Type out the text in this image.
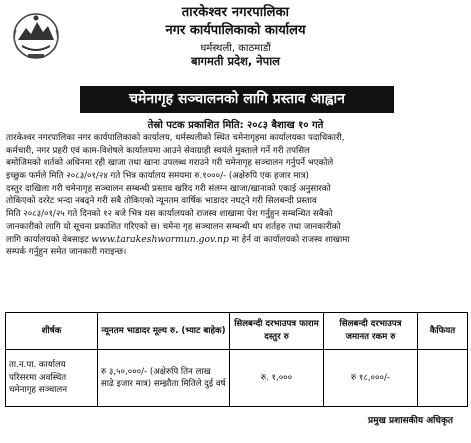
तारकेश्वर नगरपालिका
नगर कार्यपालिकाको कार्यालय
धर्मस्थली, काठमाडौं
बागमती प्रदेश, नेपाल
चमेनागृह सञ्चालनको लागि प्रस्ताव आह्वान
तेस्रो पटक प्रकाशित मिति: २०८३ बैशाख १० गते
तारकेश्वर नगरपालिका नगर कार्यपालिकाको कार्यालय, धर्मस्थलीको स्थित चमेनागृहमा कार्यालयका पदाधिकारी,
कर्मचारी, नगर प्रहरी एवं काम-विशेषले कार्यालयमा आउने सेवाग्राही स्वयंले मुक्ताले गर्ने गरी तपसिल
बमोजिमको शर्तको अधिनमा रही खाजा तथा खाना उपलब्ध गराउने गरी चमेनागृह सञ्चालन गर्नुपर्ने भएकोले
इच्छुक फर्मले मिति २०८३/०१/२४ गते भित्र कार्यालय समयमा रु.१०००/- (अक्षेरुपि एक हजार मात्र)
दस्तुर दाखिला गरी चमेनागृह सञ्चालन सम्बन्धी प्रस्ताव खरिद गरी संलग्न खाजा/खानाको एकाई अनुसारको
तोकिएको दररेट भन्दा नबढ्ने गरी सबै तोकिएको न्यूनतम वार्षिक भाडादर नघट्ने गरी सिलबन्दी प्रस्ताव
मिति २०८३/०१/२५ गते दिनको १२ बजे भित्र यस कार्यालयको राजस्व शाखामा पेश गर्नुहुन सम्बन्धित सबैको
जानकारीको लागि यो सूचना प्रकाशित गरिएको छ। चमेना गृह सञ्चालन सम्बन्धी थप शर्तहरु तथा जानकारीको
लागि कार्यालयको वेबसाइट www.tarakeshwormun.gov.np मा हेर्न वा कार्यालयको राजस्व शाखामा
सम्पर्क गर्नुहुन समेत जानकारी गराइन्छ।
शीर्षक	न्यूनतम भाडादर मूल्य रु. (भ्याट बाहेक)	सिलबन्दी दरभाउपत्र फाराम दस्तुर रु	सिलबन्दी दरभाउपत्र जमानत रकम रु	कैफियत
ता.न.पा. कार्यालय परिसरमा अवस्थित चमेनागृह सञ्चालन	रु ३,५०,०००/- (अक्षेरुपि तिन लाख साढे इजार मात्र) सम्झौता मितिले दुई वर्ष	रु. १,०००	रु १८,०००/-	
प्रमुख प्रशासकीय अधिकृत
